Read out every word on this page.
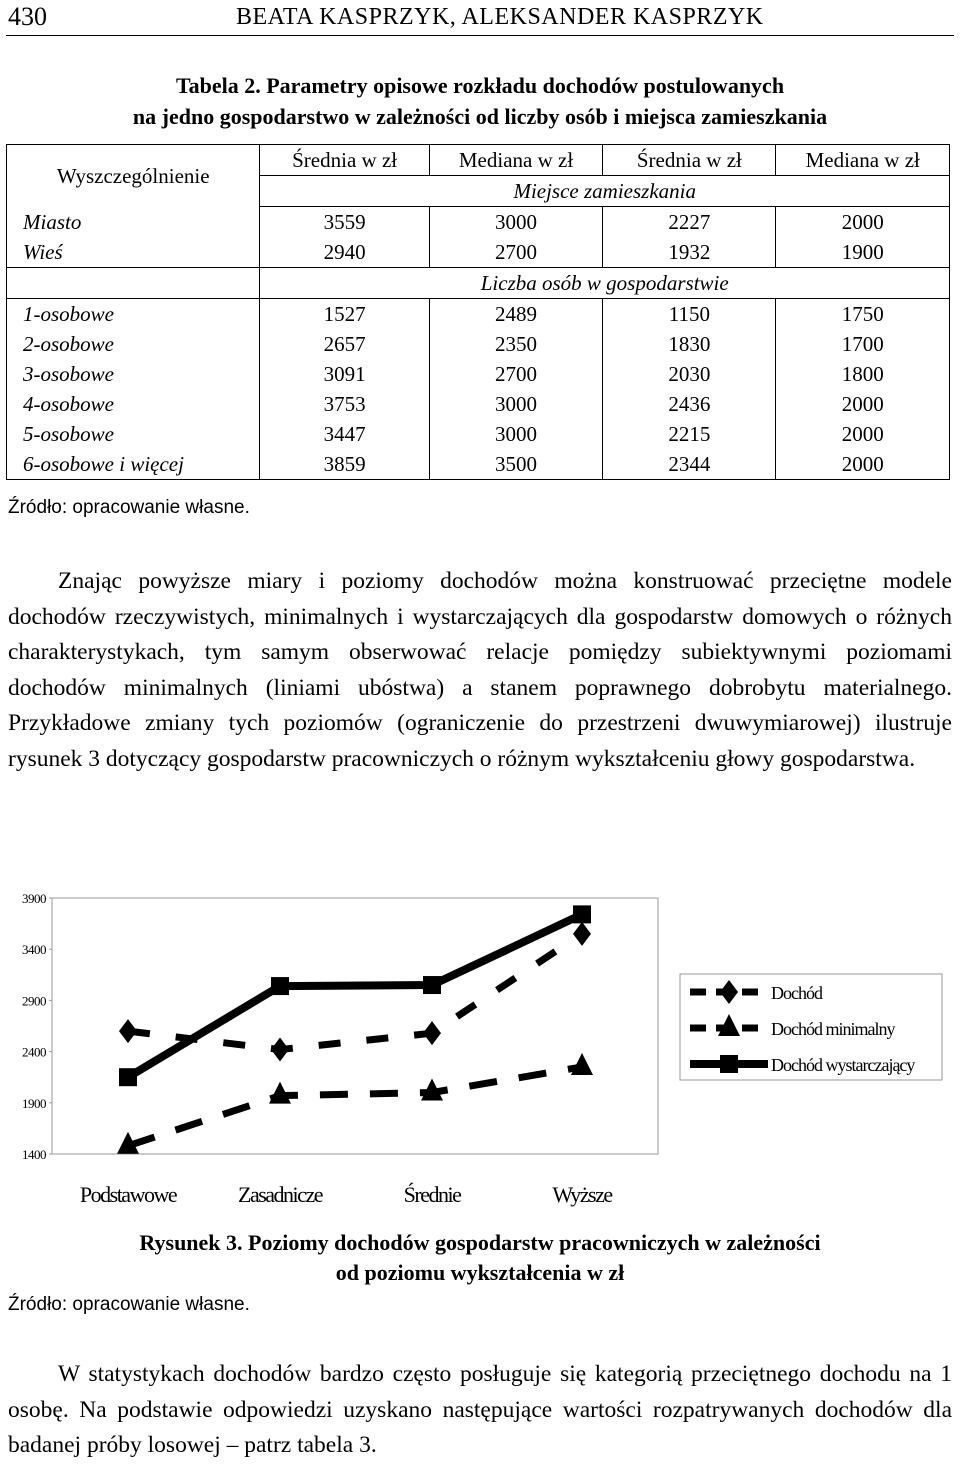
430	BEATA KASPRZYK, ALEKSANDER KASPRZYK
Tabela 2. Parametry opisowe rozkładu dochodów postulowanych
na jedno gospodarstwo w zależności od liczby osób i miejsca zamieszkania
Wyszczególnienie	Średnia w zł	Mediana w zł	Średnia w zł	Mediana w zł
	Miejsce zamieszkania			
Miasto	3559	3000	2227	2000
Wieś	2940	2700	1932	1900
	Liczba osób w gospodarstwie			
1-osobowe	1527	2489	1150	1750
2-osobowe	2657	2350	1830	1700
3-osobowe	3091	2700	2030	1800
4-osobowe	3753	3000	2436	2000
5-osobowe	3447	3000	2215	2000
6-osobowe i więcej	3859	3500	2344	2000
Źródło: opracowanie własne.

Znając powyższe miary i poziomy dochodów można konstruować przeciętne modele dochodów rzeczywistych, minimalnych i wystarczających dla gospodarstw domowych o różnych charakterystykach, tym samym obserwować relacje pomiędzy subiektywnymi poziomami dochodów minimalnych (liniami ubóstwa) a stanem poprawnego dobrobytu materialnego. Przykładowe zmiany tych poziomów (ograniczenie do przestrzeni dwuwymiarowej) ilustruje rysunek 3 dotyczący gospodarstw pracowniczych o różnym wykształceniu głowy gospodarstwa.

3900
3400
2900
2400
1900
1400
Podstawowe	Zasadnicze	Średnie	Wyższe
Dochód
Dochód minimalny
Dochód wystarczający
Rysunek 3. Poziomy dochodów gospodarstw pracowniczych w zależności
od poziomu wykształcenia w zł
Źródło: opracowanie własne.

W statystykach dochodów bardzo często posługuje się kategorią przeciętnego dochodu na 1 osobę. Na podstawie odpowiedzi uzyskano następujące wartości rozpatrywanych dochodów dla badanej próby losowej – patrz tabela 3.
